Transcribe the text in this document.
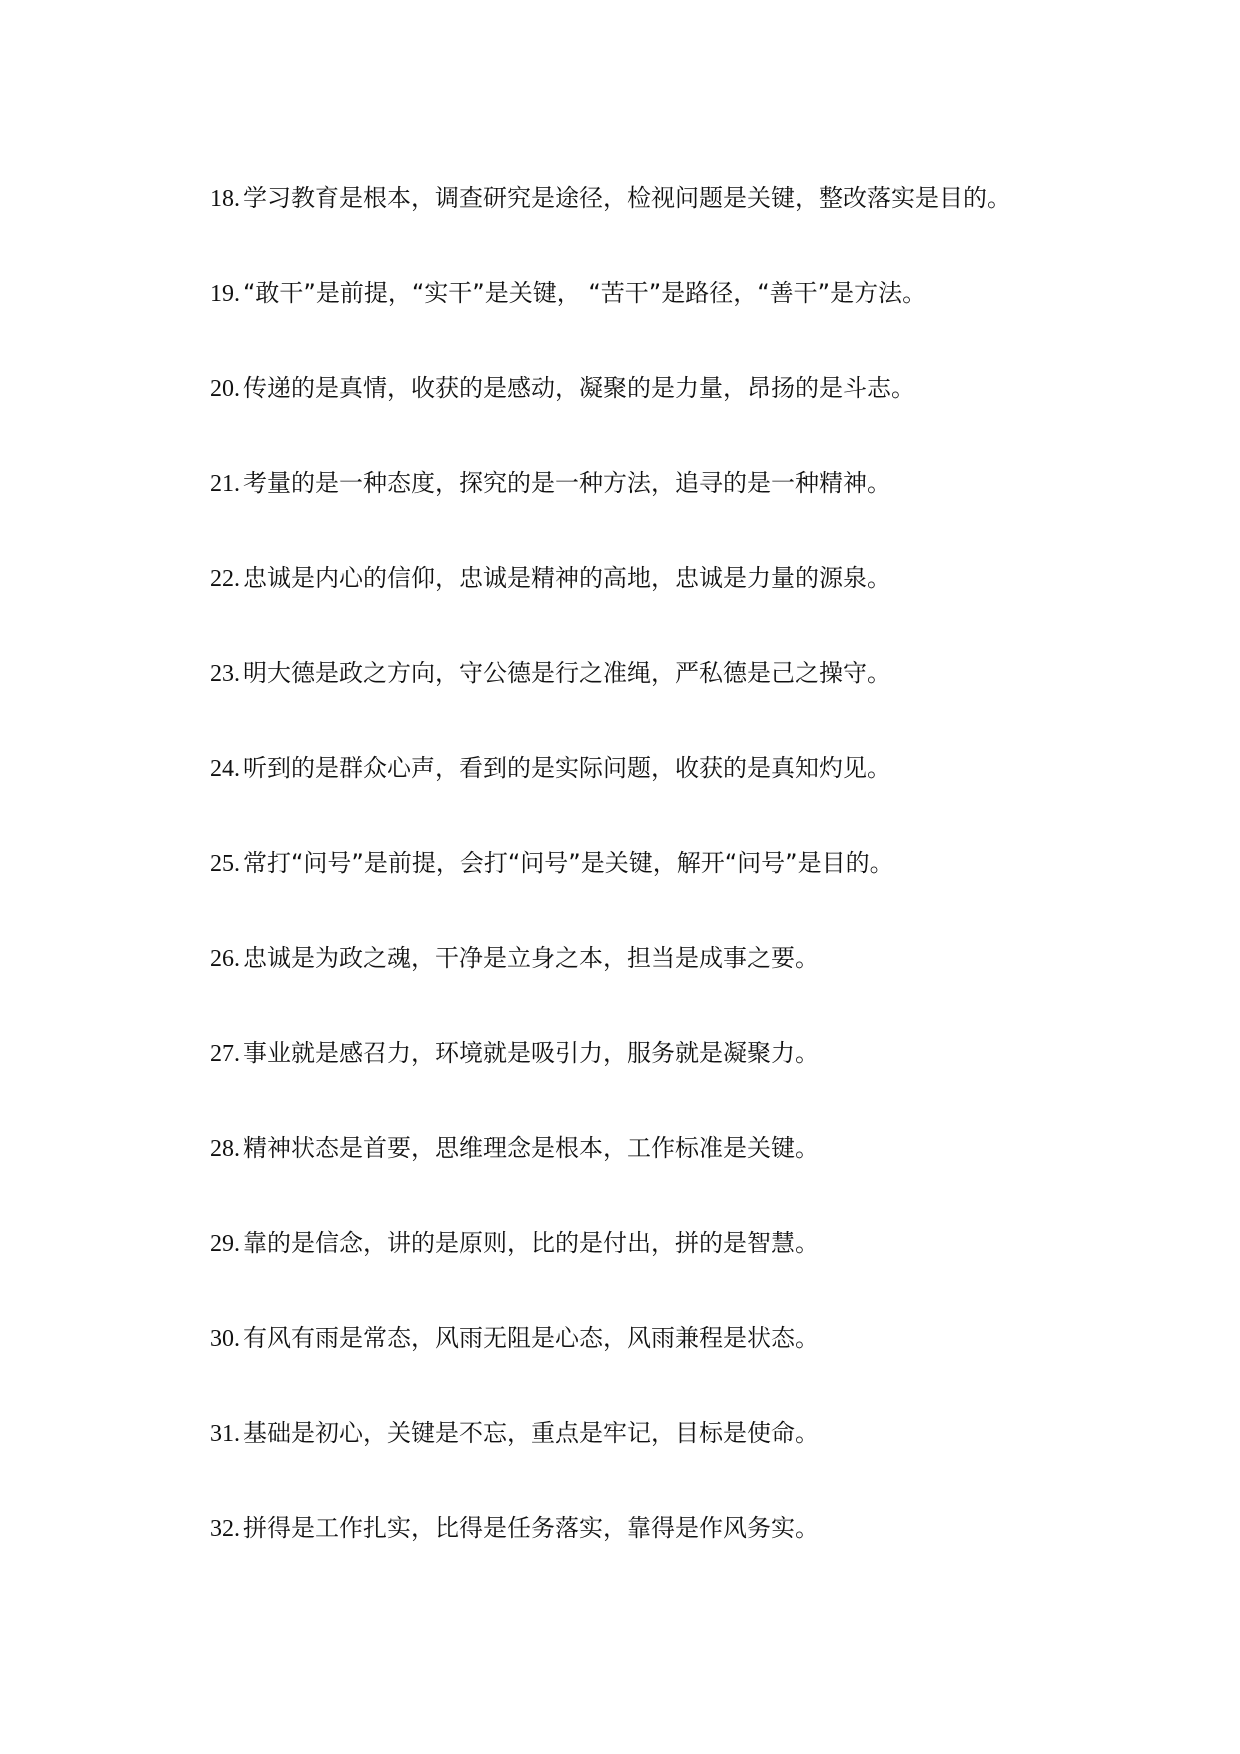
18. 学习教育是根本，调查研究是途径，检视问题是关键，整改落实是目的。
19. “敢干”是前提，“实干”是关键， “苦干”是路径，“善干”是方法。
20. 传递的是真情，收获的是感动，凝聚的是力量，昂扬的是斗志。
21. 考量的是一种态度，探究的是一种方法，追寻的是一种精神。
22. 忠诚是内心的信仰，忠诚是精神的高地，忠诚是力量的源泉。
23. 明大德是政之方向，守公德是行之准绳，严私德是己之操守。
24. 听到的是群众心声，看到的是实际问题，收获的是真知灼见。
25. 常打“问号”是前提，会打“问号”是关键，解开“问号”是目的。
26. 忠诚是为政之魂，干净是立身之本，担当是成事之要。
27. 事业就是感召力，环境就是吸引力，服务就是凝聚力。
28. 精神状态是首要，思维理念是根本，工作标准是关键。
29. 靠的是信念，讲的是原则，比的是付出，拼的是智慧。
30. 有风有雨是常态，风雨无阻是心态，风雨兼程是状态。
31. 基础是初心，关键是不忘，重点是牢记，目标是使命。
32. 拼得是工作扎实，比得是任务落实，靠得是作风务实。
